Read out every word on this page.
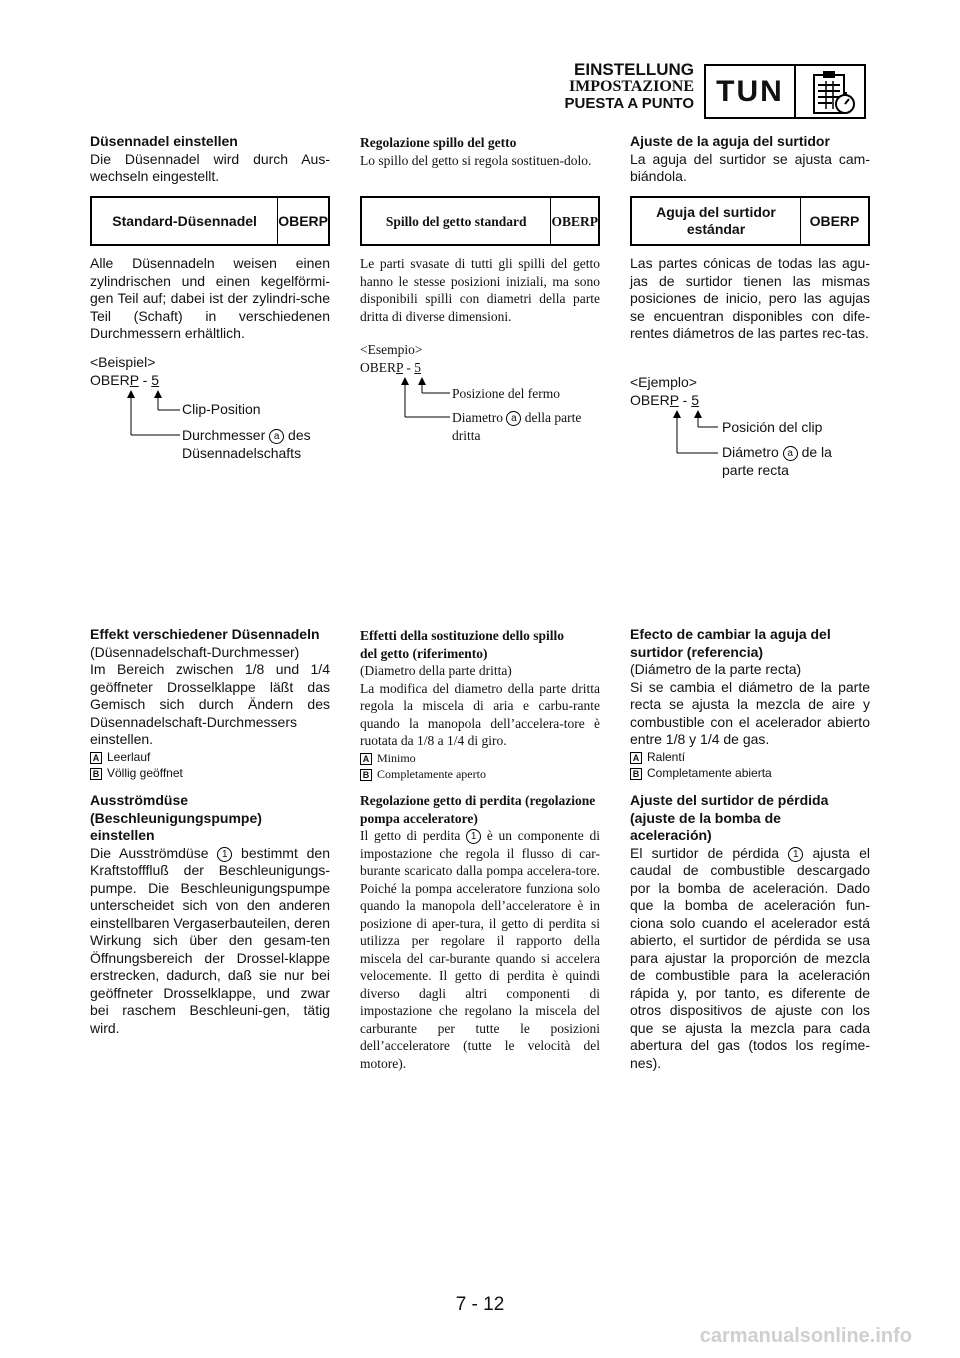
EINSTELLUNG
IMPOSTAZIONE
PUESTA A PUNTO TUN

Düsennadel einstellen

Die Düsennadel wird durch Aus-wechseln eingestellt.

Standard-Düsennadel	OBERP

Alle Düsennadeln weisen einen zylindrischen und einen kegelförmi-gen Teil auf; dabei ist der zylindri-sche Teil (Schaft) in verschiedenen Durchmessern erhältlich.

<Beispiel>
OBERP - 5
Clip-Position
Durchmesser a des
Düsennadelschafts

Effekt verschiedener Düsennadeln

(Düsennadelschaft-Durchmesser)

Im Bereich zwischen 1/8 und 1/4 geöffneter Drosselklappe läßt das Gemisch sich durch Ändern des Düsennadelschaft-Durchmessers einstellen.

A Leerlauf

B Völlig geöffnet

Ausströmdüse (Beschleunigungspumpe) einstellen

Die Ausströmdüse 1 bestimmt den Kraftstofffluß der Beschleunigungs-pumpe. Die Beschleunigungspumpe unterscheidet sich von den anderen einstellbaren Vergaserbauteilen, deren Wirkung sich über den gesam-ten Öffnungsbereich der Drossel-klappe erstrecken, dadurch, daß sie nur bei geöffneter Drosselklappe, und zwar bei raschem Beschleuni-gen, tätig wird.

Regolazione spillo del getto

Lo spillo del getto si regola sostituen-dolo.

Spillo del getto standard	OBERP

Le parti svasate di tutti gli spilli del getto hanno le stesse posizioni iniziali, ma sono disponibili spilli con diametri della parte dritta di diverse dimensioni.

<Esempio>
OBERP - 5
Posizione del fermo
Diametro a della parte
dritta

Effetti della sostituzione dello spillo del getto (riferimento)

(Diametro della parte dritta)

La modifica del diametro della parte dritta regola la miscela di aria e carbu-rante quando la manopola dell’accelera-tore è ruotata da 1/8 a 1/4 di giro.

A Minimo

B Completamente aperto

Regolazione getto di perdita (regolazione pompa acceleratore)

Il getto di perdita 1 è un componente di impostazione che regola il flusso di car-burante scaricato dalla pompa accelera-tore. Poiché la pompa acceleratore funziona solo quando la manopola dell’acceleratore è in posizione di aper-tura, il getto di perdita si utilizza per regolare il rapporto della miscela del car-burante quando si accelera velocemente. Il getto di perdita è quindi diverso dagli altri componenti di impostazione che regolano la miscela del carburante per tutte le posizioni dell’acceleratore (tutte le velocità del motore).

Ajuste de la aguja del surtidor

La aguja del surtidor se ajusta cam-biándola.

Aguja del surtidor estándar
OBERP

Las partes cónicas de todas las agu-jas de surtidor tienen las mismas posiciones de inicio, pero las agujas se encuentran disponibles con dife-rentes diámetros de las partes rec-tas.

<Ejemplo>
OBERP - 5
Posición del clip
Diámetro a de la
parte recta

Efecto de cambiar la aguja del surtidor (referencia)

(Diámetro de la parte recta)

Si se cambia el diámetro de la parte recta se ajusta la mezcla de aire y combustible con el acelerador abierto entre 1/8 y 1/4 de gas.

A Ralentí

B Completamente abierta

Ajuste del surtidor de pérdida (ajuste de la bomba de aceleración)

El surtidor de pérdida 1 ajusta el caudal de combustible descargado por la bomba de aceleración. Dado que la bomba de aceleración fun-ciona solo cuando el acelerador está abierto, el surtidor de pérdida se usa para ajustar la proporción de mezcla de combustible para la aceleración rápida y, por tanto, es diferente de otros dispositivos de ajuste con los que se ajusta la mezcla para cada abertura del gas (todos los regíme-nes).

7 - 12
carmanualsonline.info
